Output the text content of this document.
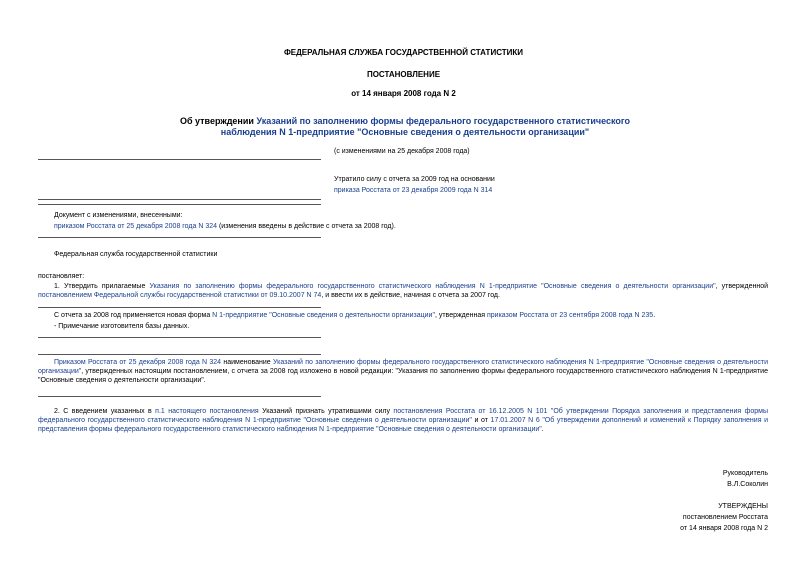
ФЕДЕРАЛЬНАЯ СЛУЖБА ГОСУДАРСТВЕННОЙ СТАТИСТИКИ
ПОСТАНОВЛЕНИЕ
от 14 января 2008 года N 2
Об утверждении Указаний по заполнению формы федерального государственного статистического наблюдения N 1-предприятие "Основные сведения о деятельности организации"
(с изменениями на 25 декабря 2008 года)
Утратило силу с отчета за 2009 год на основании
приказа Росстата от 23 декабря 2009 года N 314
Документ с изменениями, внесенными:
приказом Росстата от 25 декабря 2008 года N 324 (изменения введены в действие с отчета за 2008 год).
Федеральная служба государственной статистики
постановляет:
1. Утвердить прилагаемые Указания по заполнению формы федерального государственного статистического наблюдения N 1-предприятие "Основные сведения о деятельности организации", утвержденной постановлением Федеральной службы государственной статистики от 09.10.2007 N 74, и ввести их в действие, начиная с отчета за 2007 год.
С отчета за 2008 год применяется новая форма N 1-предприятие "Основные сведения о деятельности организации", утвержденная приказом Росстата от 23 сентября 2008 года N 235.
- Примечание изготовителя базы данных.
Приказом Росстата от 25 декабря 2008 года N 324 наименование Указаний по заполнению формы федерального государственного статистического наблюдения N 1-предприятие "Основные сведения о деятельности организации", утвержденных настоящим постановлением, с отчета за 2008 год изложено в новой редакции: "Указания по заполнению формы федерального государственного статистического наблюдения N 1-предприятие "Основные сведения о деятельности организации".
2. С введением указанных в п.1 настоящего постановления Указаний признать утратившими силу постановления Росстата от 16.12.2005 N 101 "Об утверждении Порядка заполнения и представления формы федерального государственного статистического наблюдения N 1-предприятие "Основные сведения о деятельности организации" и от 17.01.2007 N 6 "Об утверждении дополнений и изменений к Порядку заполнения и представления формы федерального государственного статистического наблюдения N 1-предприятие "Основные сведения о деятельности организации".
Руководитель
В.Л.Соколин
УТВЕРЖДЕНЫ
постановлением Росстата
от 14 января 2008 года N 2
